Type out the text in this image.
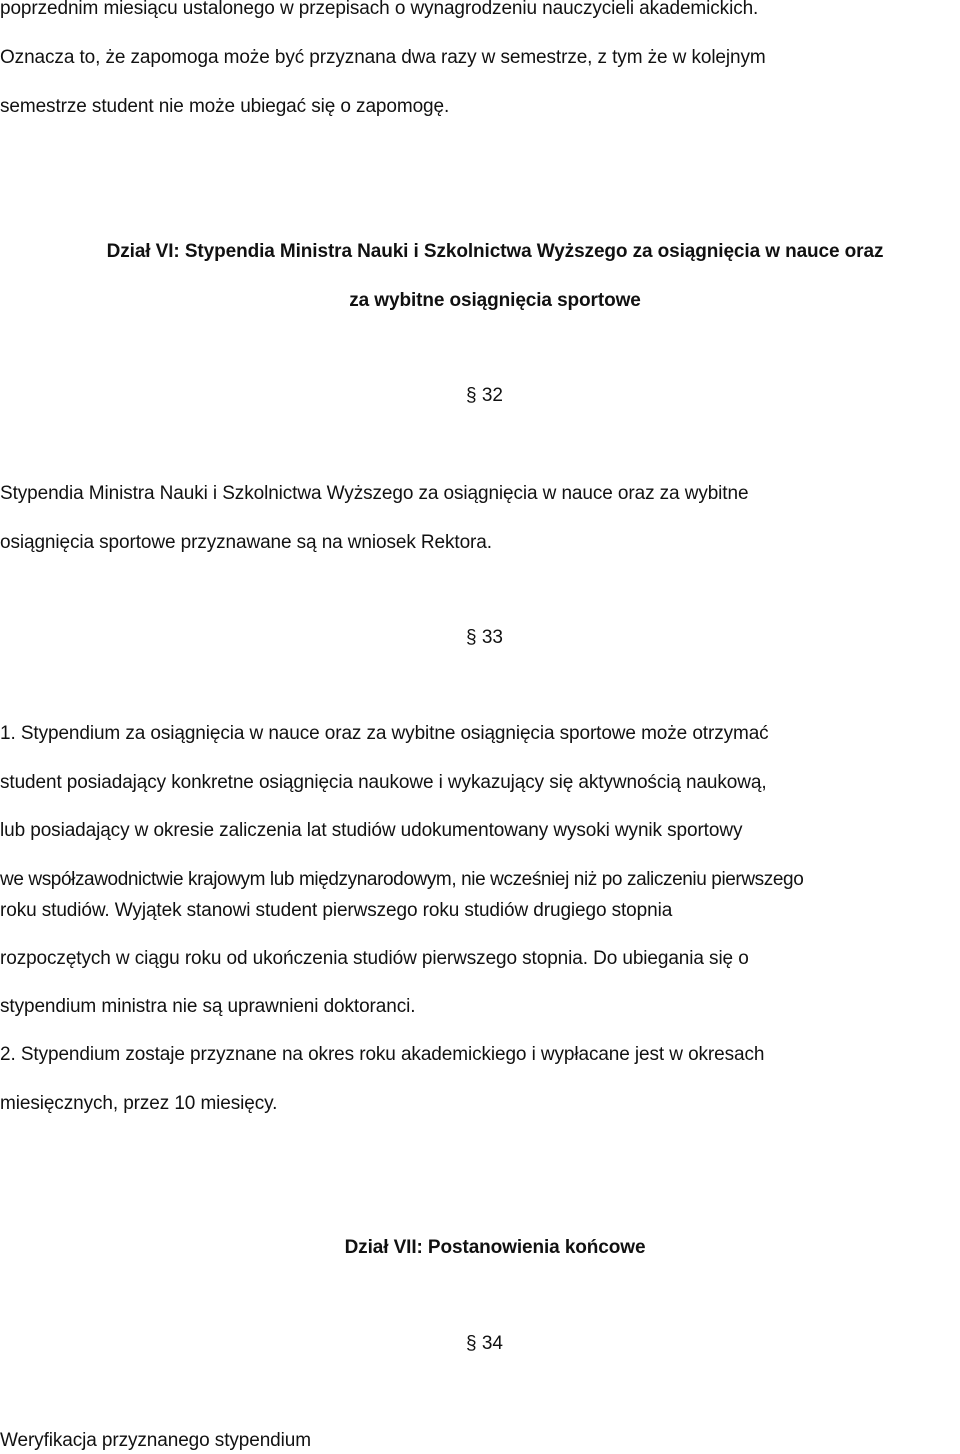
poprzednim miesiącu ustalonego w przepisach o wynagrodzeniu nauczycieli akademickich.
Oznacza to, że zapomoga może być przyznana dwa razy w semestrze, z tym że w kolejnym
semestrze student nie może ubiegać się o zapomogę.
Dział VI: Stypendia Ministra Nauki i Szkolnictwa Wyższego za osiągnięcia w nauce oraz
za wybitne osiągnięcia sportowe
§ 32
Stypendia Ministra Nauki i Szkolnictwa Wyższego za osiągnięcia w nauce oraz za wybitne
osiągnięcia sportowe przyznawane są na wniosek Rektora.
§ 33
1. Stypendium za osiągnięcia w nauce oraz za wybitne osiągnięcia sportowe może otrzymać
student posiadający konkretne osiągnięcia naukowe i wykazujący się aktywnością naukową,
lub posiadający w okresie zaliczenia lat studiów udokumentowany wysoki wynik sportowy
we współzawodnictwie krajowym lub międzynarodowym, nie wcześniej niż po zaliczeniu pierwszego
roku studiów. Wyjątek stanowi student pierwszego roku studiów drugiego stopnia
rozpoczętych w ciągu roku od ukończenia studiów pierwszego stopnia. Do ubiegania się o
stypendium ministra nie są uprawnieni doktoranci.
2. Stypendium zostaje przyznane na okres roku akademickiego i wypłacane jest w okresach
miesięcznych, przez 10 miesięcy.
Dział VII: Postanowienia końcowe
§ 34
Weryfikacja przyznanego stypendium
